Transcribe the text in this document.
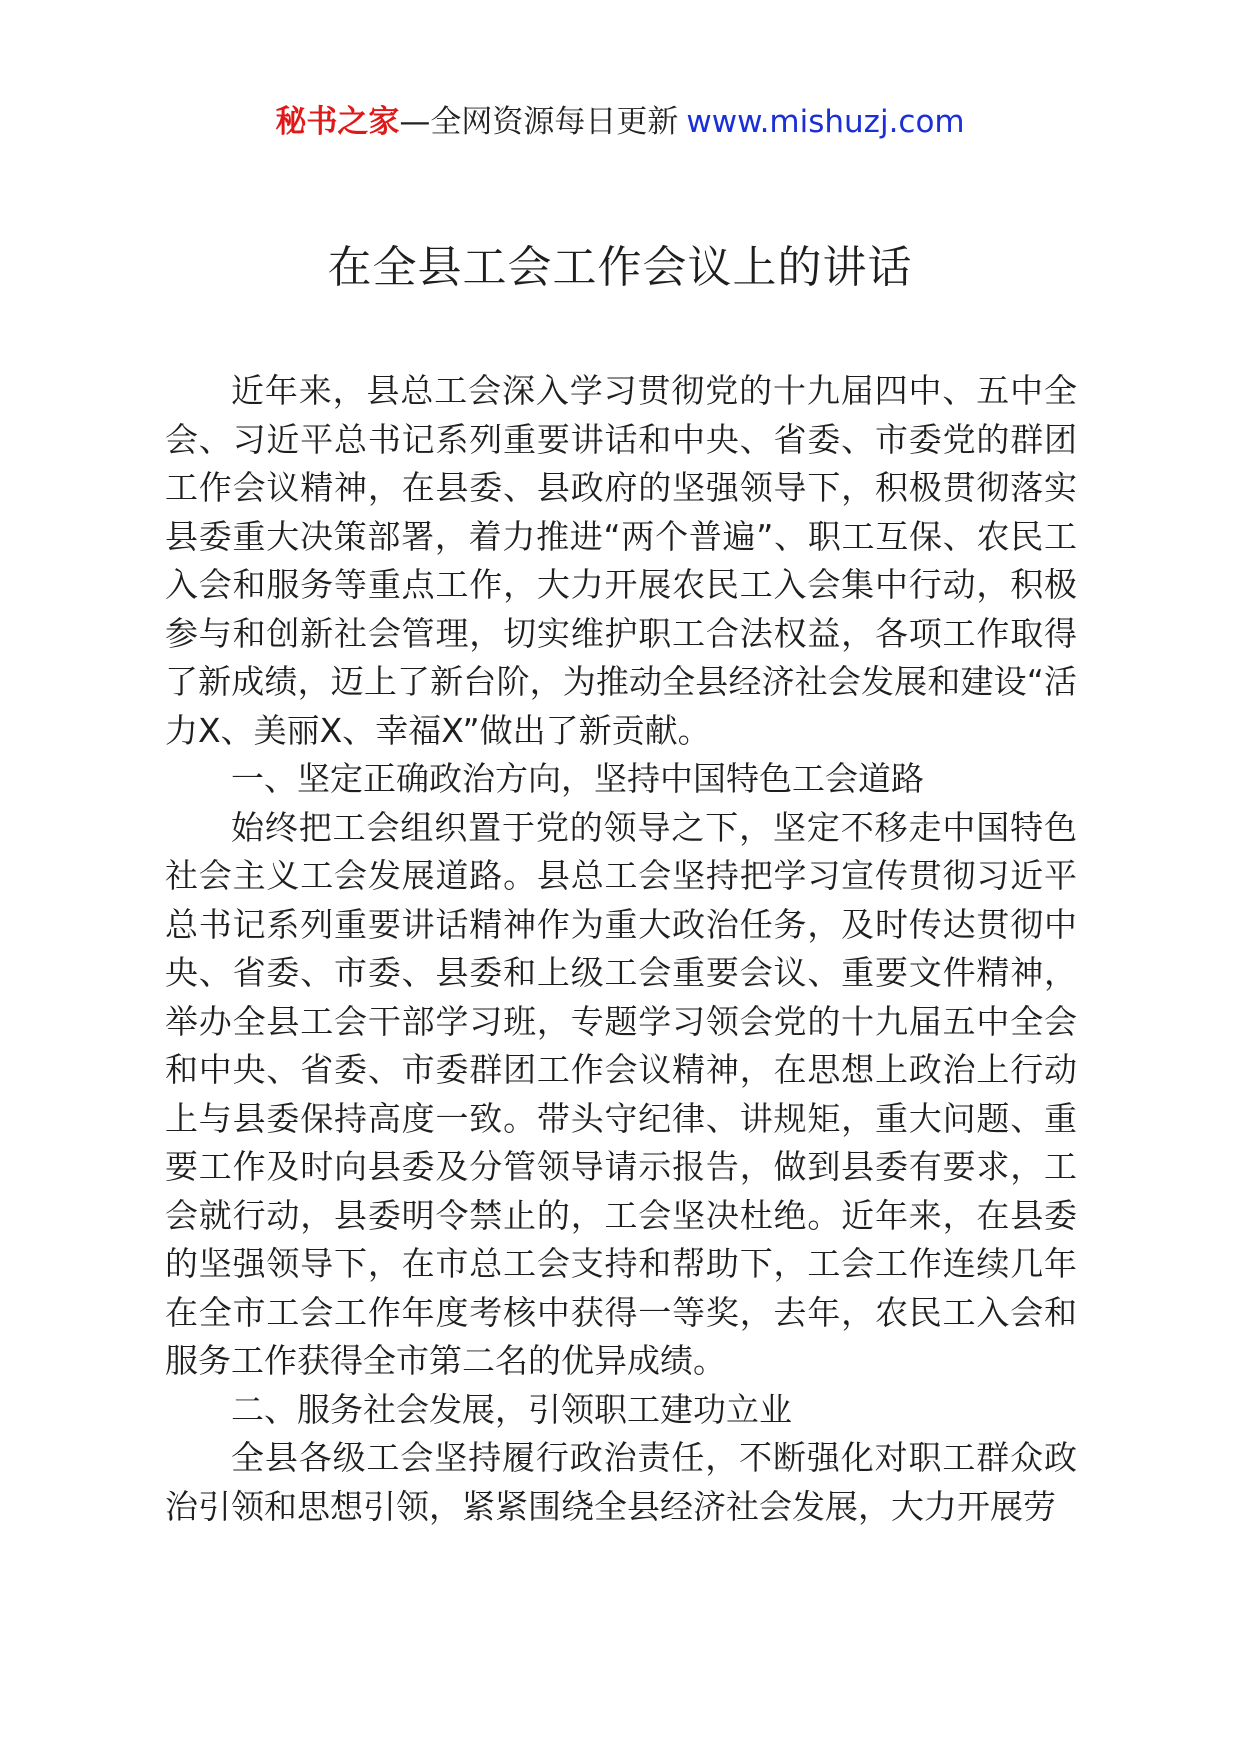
秘书之家—全网资源每日更新 www.mishuzj.com
在全县工会工作会议上的讲话

近年来，县总工会深入学习贯彻党的十九届四中、五中全会、习近平总书记系列重要讲话和中央、省委、市委党的群团工作会议精神，在县委、县政府的坚强领导下，积极贯彻落实县委重大决策部署，着力推进“两个普遍”、职工互保、农民工入会和服务等重点工作，大力开展农民工入会集中行动，积极参与和创新社会管理，切实维护职工合法权益，各项工作取得了新成绩，迈上了新台阶，为推动全县经济社会发展和建设“活力X、美丽X、幸福X”做出了新贡献。

一、坚定正确政治方向，坚持中国特色工会道路

始终把工会组织置于党的领导之下，坚定不移走中国特色社会主义工会发展道路。县总工会坚持把学习宣传贯彻习近平总书记系列重要讲话精神作为重大政治任务，及时传达贯彻中央、省委、市委、县委和上级工会重要会议、重要文件精神，举办全县工会干部学习班，专题学习领会党的十九届五中全会和中央、省委、市委群团工作会议精神，在思想上政治上行动上与县委保持高度一致。带头守纪律、讲规矩，重大问题、重要工作及时向县委及分管领导请示报告，做到县委有要求，工会就行动，县委明令禁止的，工会坚决杜绝。近年来，在县委的坚强领导下，在市总工会支持和帮助下，工会工作连续几年在全市工会工作年度考核中获得一等奖，去年，农民工入会和服务工作获得全市第二名的优异成绩。

二、服务社会发展，引领职工建功立业

全县各级工会坚持履行政治责任，不断强化对职工群众政治引领和思想引领，紧紧围绕全县经济社会发展，大力开展劳
